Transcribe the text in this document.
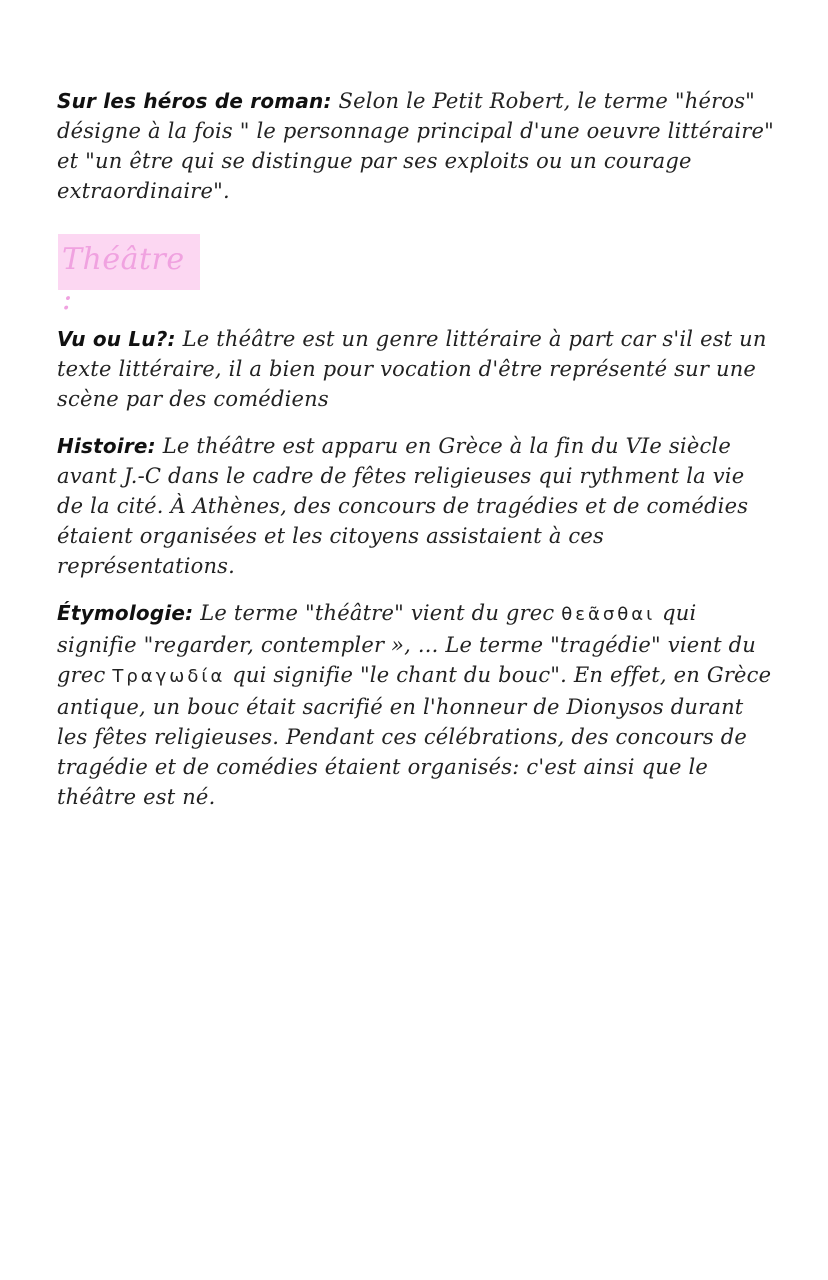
Sur les héros de roman: Selon le Petit Robert, le terme "héros" désigne à la fois " le personnage principal d'une oeuvre littéraire" et "un être qui se distingue par ses exploits ou un courage extraordinaire".

Théâtre :

Vu ou Lu?: Le théâtre est un genre littéraire à part car s'il est un texte littéraire, il a bien pour vocation d'être représenté sur une scène par des comédiens

Histoire: Le théâtre est apparu en Grèce à la fin du VIe siècle avant J.-C dans le cadre de fêtes religieuses qui rythment la vie de la cité. À Athènes, des concours de tragédies et de comédies étaient organisées et les citoyens assistaient à ces représentations.

Étymologie: Le terme "théâtre" vient du grec θεᾶσθαι qui signifie "regarder, contempler », ... Le terme "tragédie" vient du grec Τραγωδία qui signifie "le chant du bouc". En effet, en Grèce antique, un bouc était sacrifié en l'honneur de Dionysos durant les fêtes religieuses. Pendant ces célébrations, des concours de tragédie et de comédies étaient organisés: c'est ainsi que le théâtre est né.
